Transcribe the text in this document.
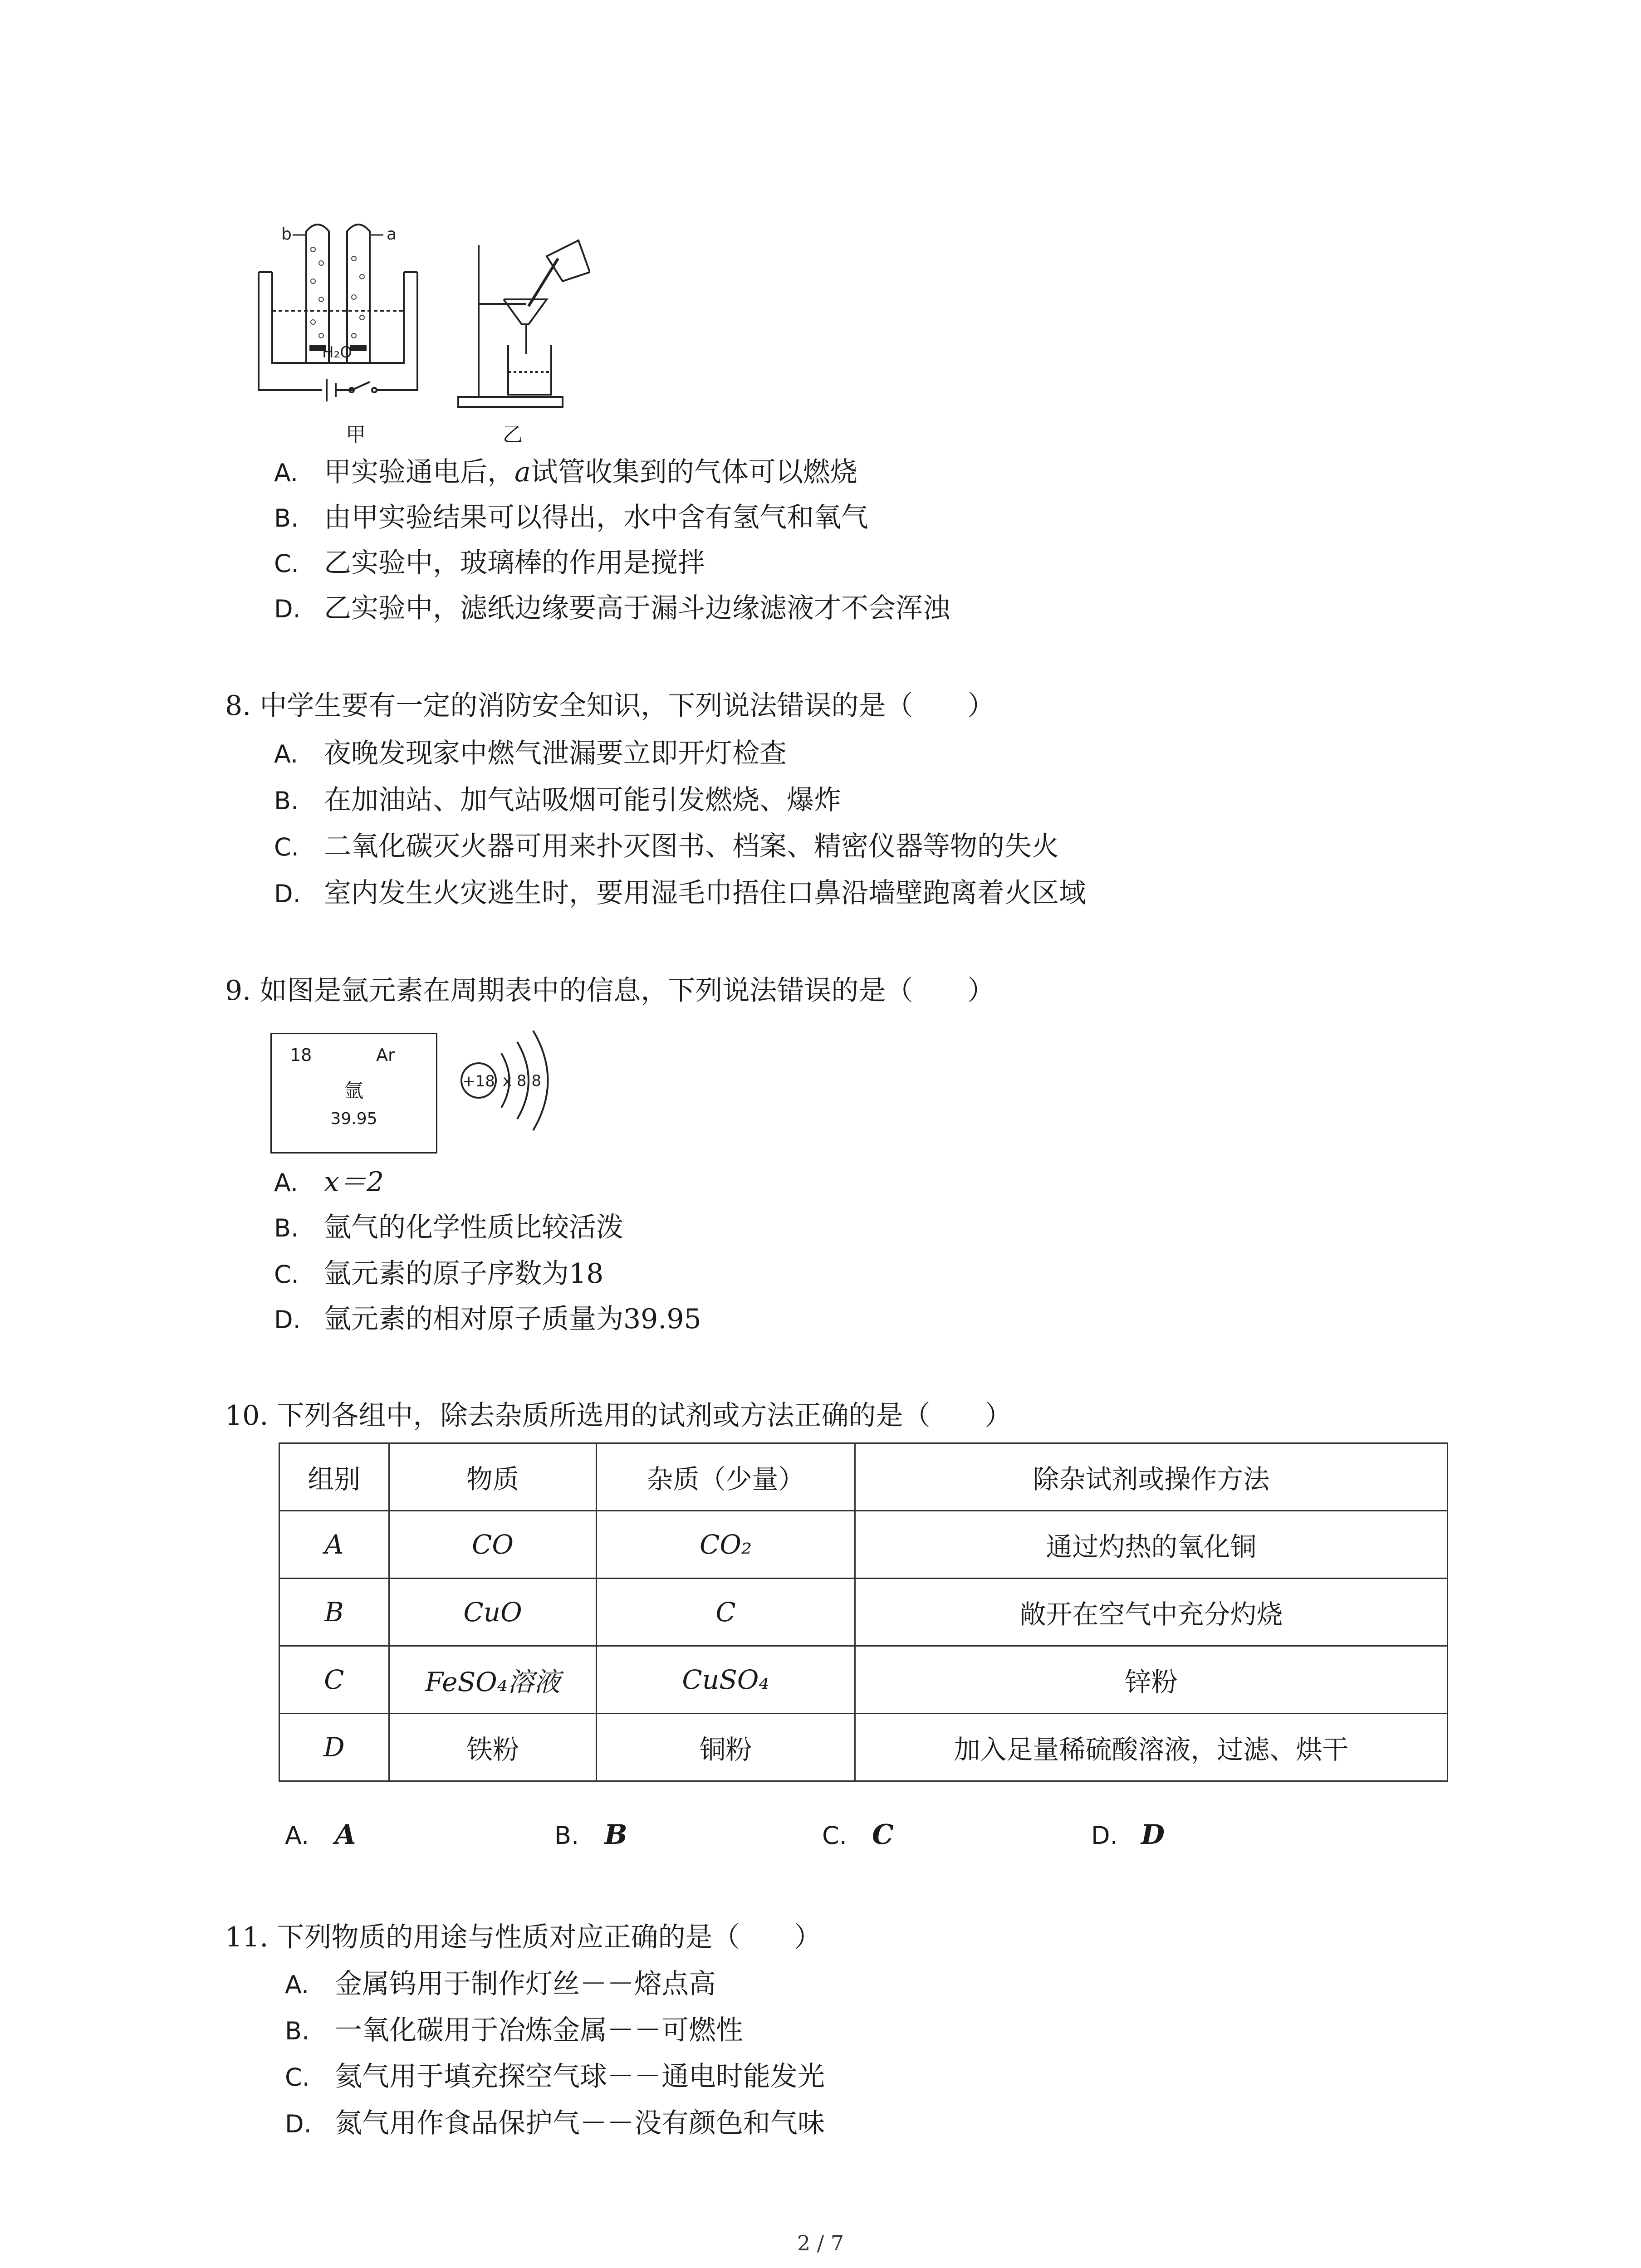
b	a
H₂O
甲	乙
A. 甲实验通电后，a试管收集到的气体可以燃烧
B. 由甲实验结果可以得出，水中含有氢气和氧气
C. 乙实验中，玻璃棒的作用是搅拌
D. 乙实验中，滤纸边缘要高于漏斗边缘滤液才不会浑浊
8. 中学生要有一定的消防安全知识，下列说法错误的是（　　）
A. 夜晚发现家中燃气泄漏要立即开灯检查
B. 在加油站、加气站吸烟可能引发燃烧、爆炸
C. 二氧化碳灭火器可用来扑灭图书、档案、精密仪器等物的失火
D. 室内发生火灾逃生时，要用湿毛巾捂住口鼻沿墙壁跑离着火区域
9. 如图是氩元素在周期表中的信息，下列说法错误的是（　　）
18	Ar
氩
39.95
+18 x 8 8
A. x＝2
B. 氩气的化学性质比较活泼
C. 氩元素的原子序数为18
D. 氩元素的相对原子质量为39.95
10. 下列各组中，除去杂质所选用的试剂或方法正确的是（　　）
组别	物质	杂质（少量）	除杂试剂或操作方法
A	CO	CO₂	通过灼热的氧化铜
B	CuO	C	敞开在空气中充分灼烧
C	FeSO₄溶液	CuSO₄	锌粉
D	铁粉	铜粉	加入足量稀硫酸溶液，过滤、烘干
A. A	B. B	C. C	D. D
11. 下列物质的用途与性质对应正确的是（　　）
A. 金属钨用于制作灯丝－－熔点高
B. 一氧化碳用于冶炼金属－－可燃性
C. 氦气用于填充探空气球－－通电时能发光
D. 氮气用作食品保护气－－没有颜色和气味
2 / 7
